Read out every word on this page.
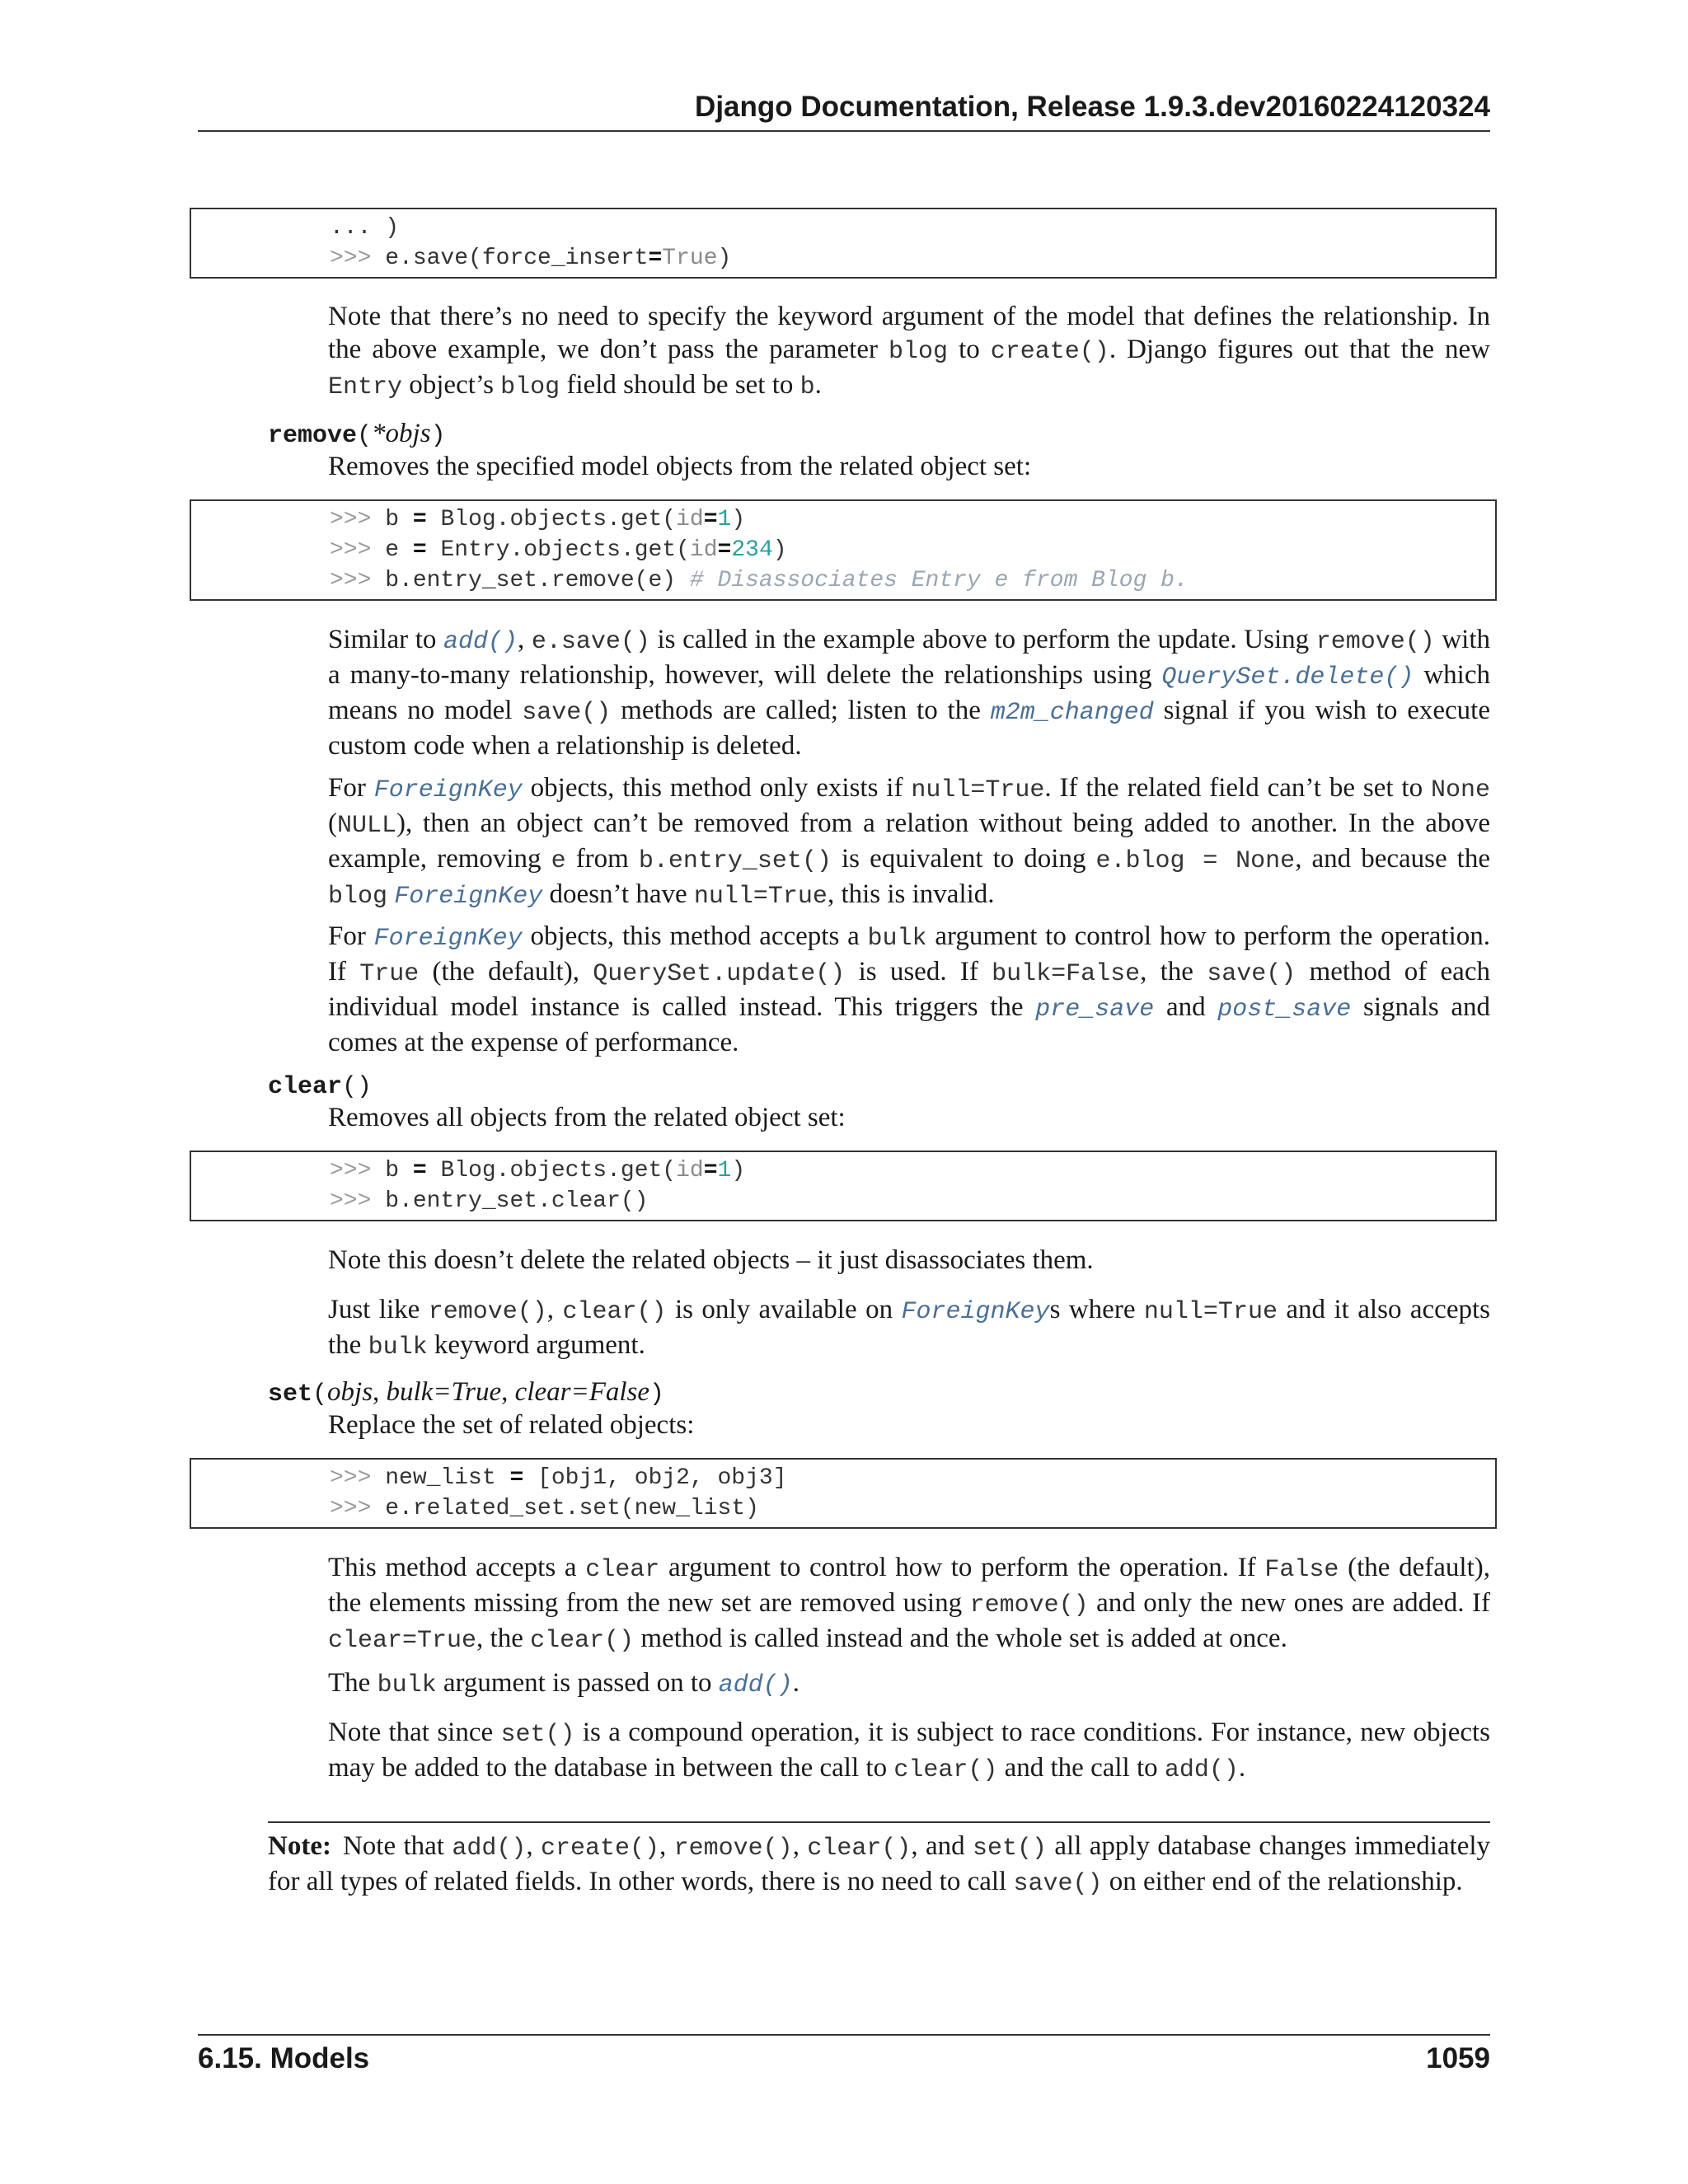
Django Documentation, Release 1.9.3.dev20160224120324
... )
>>> e.save(force_insert=True)
Note that there’s no need to specify the keyword argument of the model that defines the relationship. In the above example, we don’t pass the parameter blog to create(). Django figures out that the new Entry object’s blog field should be set to b.
remove(*objs)
Removes the specified model objects from the related object set:
>>> b = Blog.objects.get(id=1)
>>> e = Entry.objects.get(id=234)
>>> b.entry_set.remove(e) # Disassociates Entry e from Blog b.
Similar to add(), e.save() is called in the example above to perform the update. Using remove() with a many-to-many relationship, however, will delete the relationships using QuerySet.delete() which means no model save() methods are called; listen to the m2m_changed signal if you wish to execute custom code when a relationship is deleted.
For ForeignKey objects, this method only exists if null=True. If the related field can’t be set to None (NULL), then an object can’t be removed from a relation without being added to another. In the above example, removing e from b.entry_set() is equivalent to doing e.blog = None, and because the blog ForeignKey doesn’t have null=True, this is invalid.
For ForeignKey objects, this method accepts a bulk argument to control how to perform the operation. If True (the default), QuerySet.update() is used. If bulk=False, the save() method of each individual model instance is called instead. This triggers the pre_save and post_save signals and comes at the expense of performance.
clear()
Removes all objects from the related object set:
>>> b = Blog.objects.get(id=1)
>>> b.entry_set.clear()
Note this doesn’t delete the related objects – it just disassociates them.
Just like remove(), clear() is only available on ForeignKeys where null=True and it also accepts the bulk keyword argument.
set(objs, bulk=True, clear=False)
Replace the set of related objects:
>>> new_list = [obj1, obj2, obj3]
>>> e.related_set.set(new_list)
This method accepts a clear argument to control how to perform the operation. If False (the default), the elements missing from the new set are removed using remove() and only the new ones are added. If clear=True, the clear() method is called instead and the whole set is added at once.
The bulk argument is passed on to add().
Note that since set() is a compound operation, it is subject to race conditions. For instance, new objects may be added to the database in between the call to clear() and the call to add().
Note: Note that add(), create(), remove(), clear(), and set() all apply database changes immediately for all types of related fields. In other words, there is no need to call save() on either end of the relationship.
6.15. Models	1059
